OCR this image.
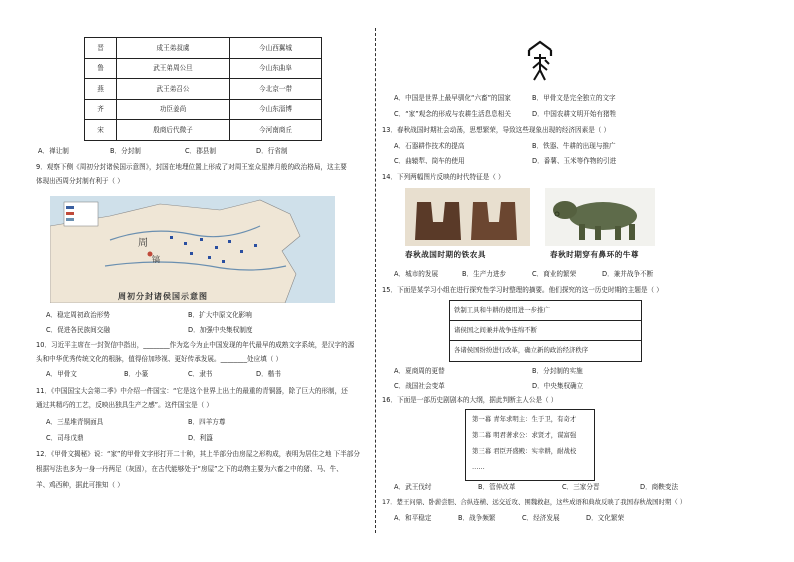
晋	成王弟叔虞	今山西翼城
鲁	武王弟周公旦	今山东曲阜
燕	武王弟召公	今北京一带
齐	功臣姜尚	今山东淄博
宋	殷商后代微子	今河南商丘
A．禅让制	B．分封制	C．郡县制	D．行省制
9．观察下侧《周初分封诸侯国示意图》，封国在地理位置上形成了对周王室众星捧月般的政治格局，这主要
体现出西周分封制有利于（ ）
周
镐
周初分封诸侯国示意图
A．稳定周初政治形势	B．扩大中原文化影响
C．促进各民族间交融	D．加强中央集权制度
10．习近平主席在一封贺信中指出，________作为迄今为止中国发现的年代最早的成熟文字系统，是汉字的源
头和中华优秀传统文化的根脉，值得倍加珍视、更好传承发展。________处应填（ ）
A．甲骨文	B．小篆	C．隶书	D．楷书
11．《中国国宝大会第二季》中介绍一件国宝：“它是这个世界上出土的最重的青铜器，除了巨大的形制，还
通过其精巧的工艺，反映出独具生产之感”。这件国宝是（ ）
A．三星堆青铜面具	B．四羊方尊
C．司母戊鼎	D．利簋
12．《甲骨文揭秘》说：“家”的甲骨文字形打开二十种，其上半部分由房屋之形构成，表明为居住之地 下半部分
根据写法也多为一身一丹两足（灰固），在古代能够处于“房屋”之下的动物主要为六畜之中的猪、马、牛、
羊、鸡西种，据此可推知（ ）
A．中国是世界上最早驯化“六畜”的国家	B．甲骨文是完全独立的文字
C．“家”观念的形成与农耕生活息息相关	D．中国农耕文明开始有猪牲
13．春秋战国时期社会动荡，思想繁荣，导致这些现象出现的经济因素是（ ）
A．石器耕作技术的提高	B．铁器、牛耕的出现与推广
C．曲辕犁、筒车的使用	D．番薯、玉米等作物的引进
14．下列两幅图片反映的时代特征是（ ）
春秋战国时期的铁农具	春秋时期穿有鼻环的牛尊
A．城市的发展	B．生产力进步	C．商业的繁荣	D．兼并战争不断
15．下面是某学习小组在进行探究性学习时整理的摘要。他们探究的这一历史时期的主题是（ ）
铁制工具和牛耕的使用进一步推广
诸侯国之间兼并战争连绵不断
各诸侯国纷纷进行改革，确立新的政治经济秩序
A．夏商周的更替	B．分封制的实施
C．战国社会变革	D．中央集权确立
16．下面是一部历史剧剧本的大纲，据此判断主人公是（ ）
第一幕 青年求明主：生于卫，有奇才
第二幕 明君著求公：求贤才，谋富强
第三幕 君臣开盛殿：实幸耕，耐战校
……
A．武王伐纣	B．管仲改革	C．三家分晋	D．商鞅变法
17．楚王问鼎、卧薪尝胆、合纵连横、远交近攻、围魏救赵，这些成语和典故反映了我国春秋战国时期（ ）
A．和平稳定	B．战争频繁	C．经济发展	D．文化繁荣
